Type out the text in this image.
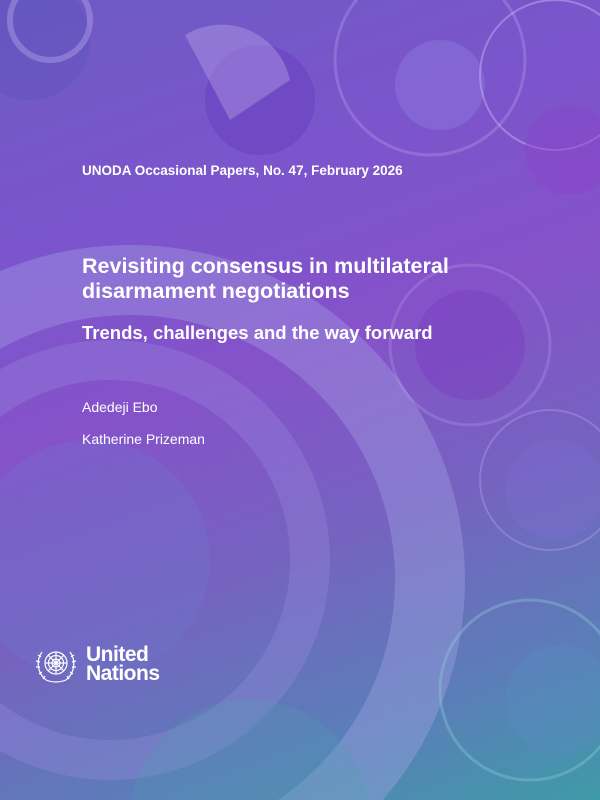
UNODA Occasional Papers, No. 47, February 2026

Revisiting consensus in multilateral disarmament negotiations
Trends, challenges and the way forward

Adedeji Ebo

Katherine Prizeman

United
Nations
